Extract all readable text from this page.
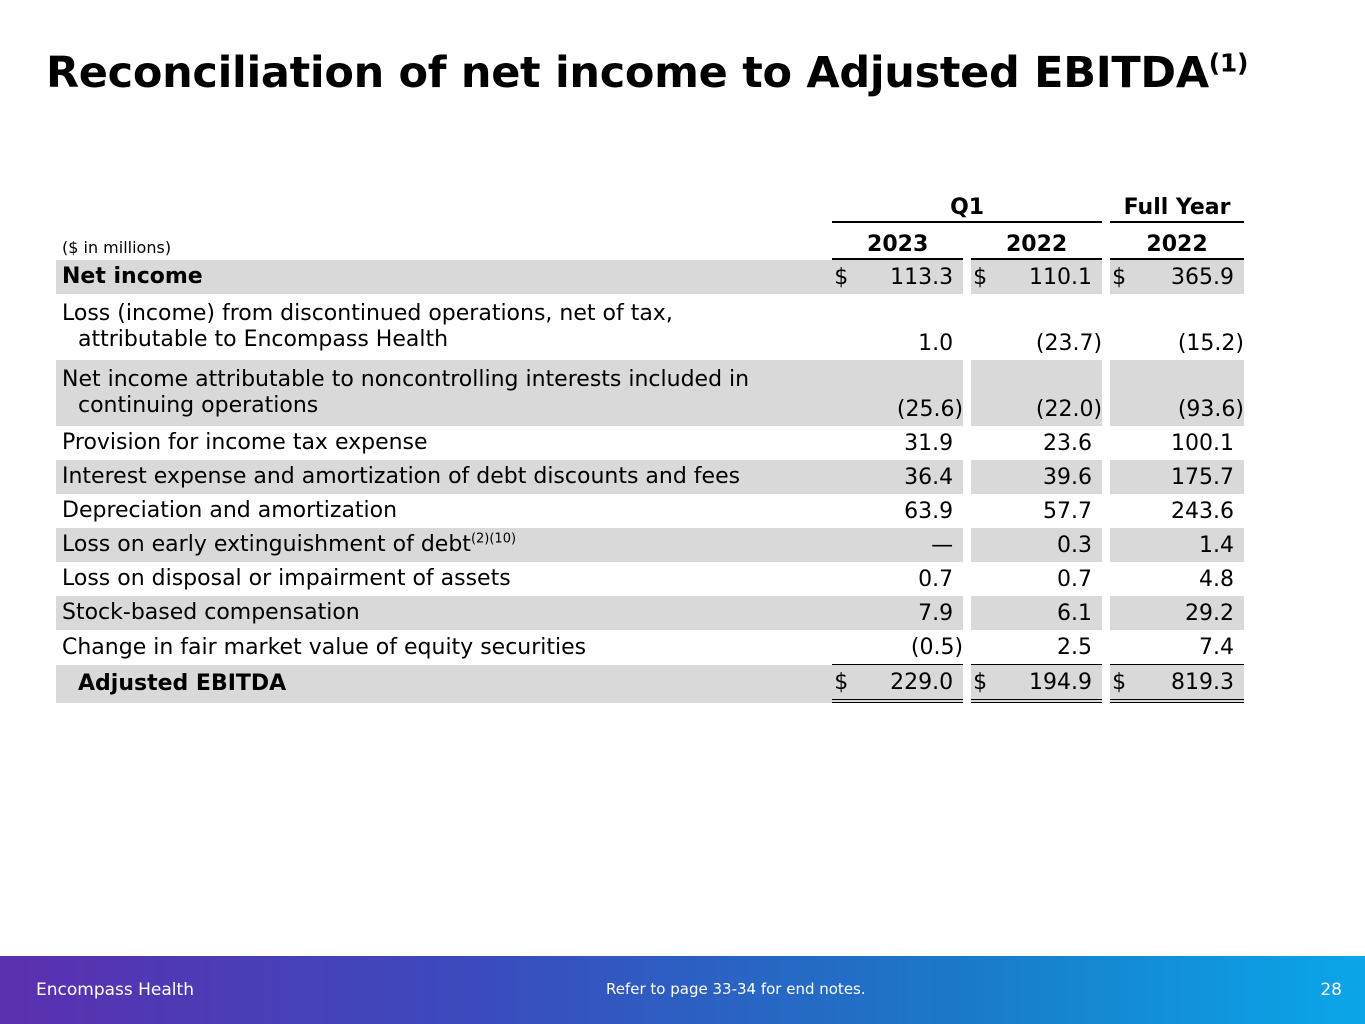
Reconciliation of net income to Adjusted EBITDA$^{(1)}$
	Q1				Full Year
($ in millions)	2023		2022		2022
Net income	$ 113.3		$ 110.1		$ 365.9

Loss (income) from discontinued operations, net of tax,
attributable to Encompass Health	1.0		(23.7)		(15.2)

Net income attributable to noncontrolling interests included in
continuing operations	(25.6)		(22.0)		(93.6)
Provision for income tax expense	31.9		23.6		100.1
Interest expense and amortization of debt discounts and fees	36.4		39.6		175.7
Depreciation and amortization	63.9		57.7		243.6
Loss on early extinguishment of debt$^{(2)(10)}$	—		0.3		1.4
Loss on disposal or impairment of assets	0.7		0.7		4.8
Stock-based compensation	7.9		6.1		29.2
Change in fair market value of equity securities	(0.5)		2.5		7.4
Adjusted EBITDA	$ 229.0		$ 194.9		$ 819.3
Encompass Health	Refer to page 33-34 for end notes.	28
